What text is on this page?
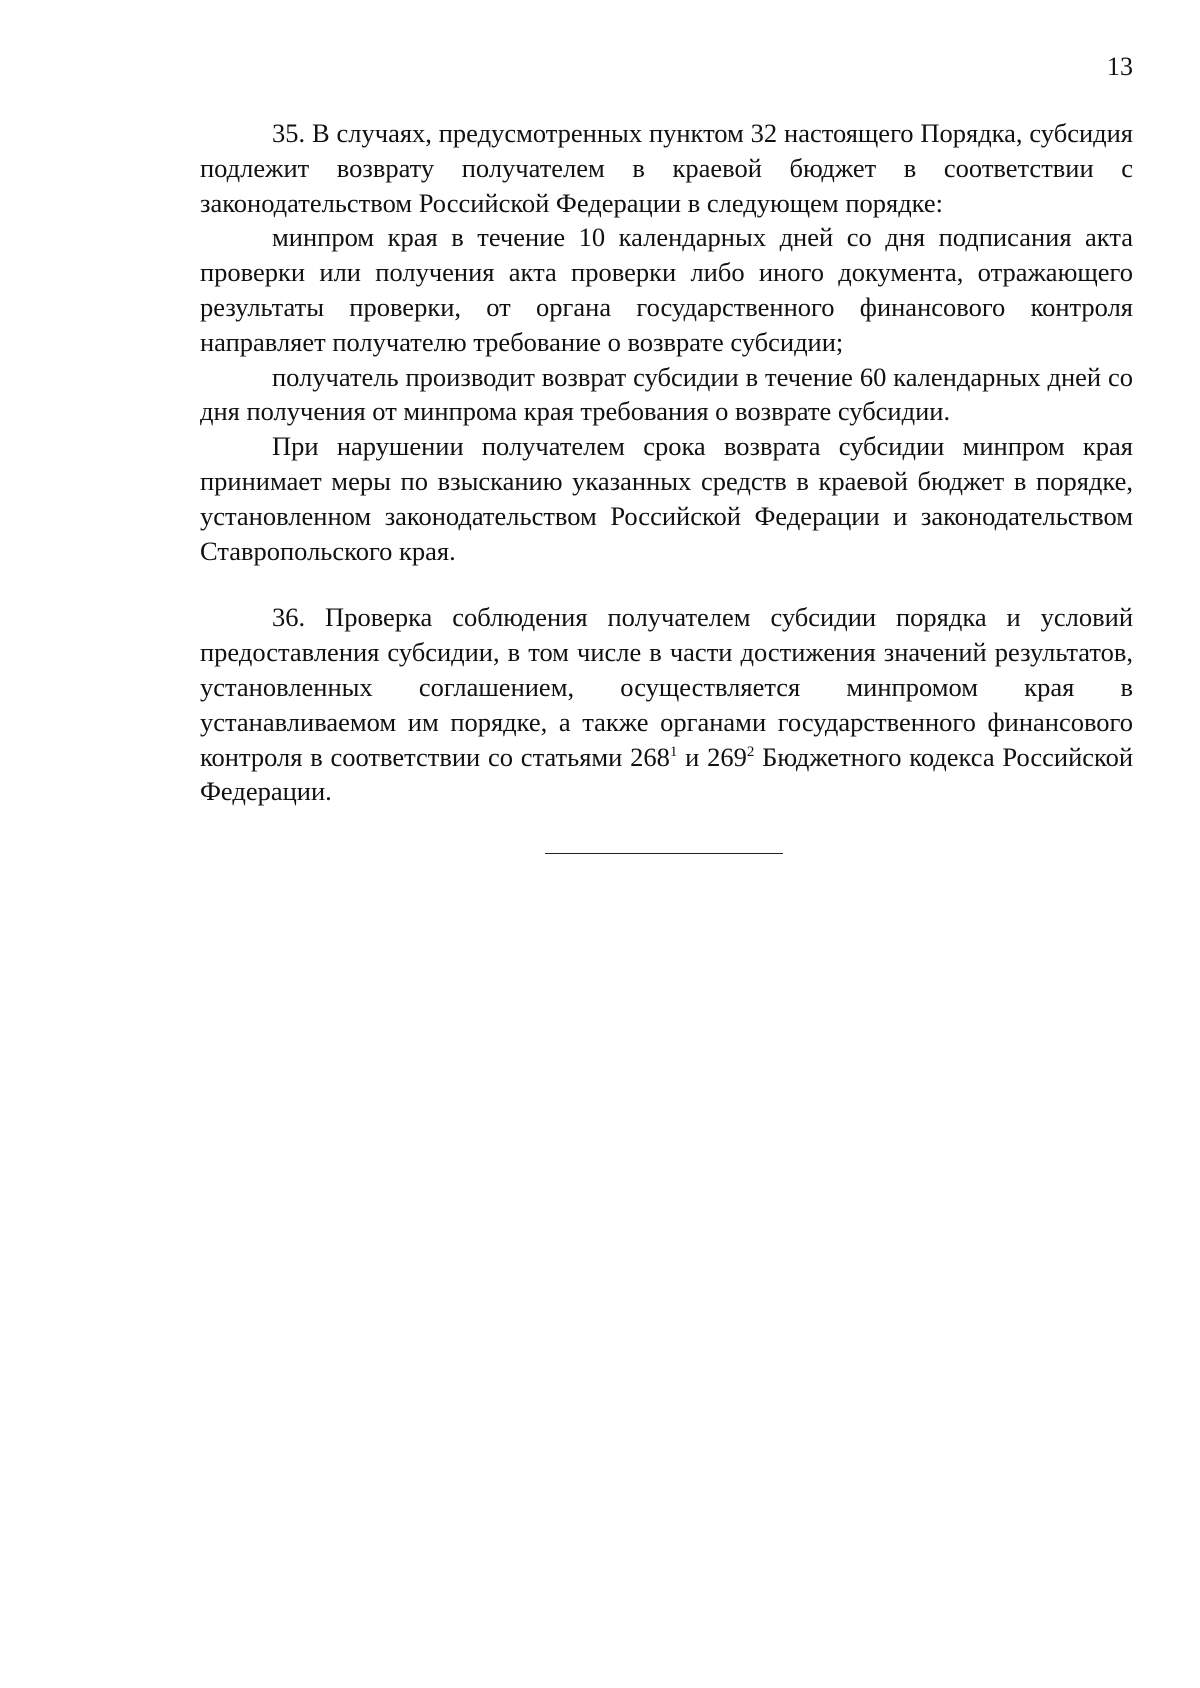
13

35. В случаях, предусмотренных пунктом 32 настоящего Порядка, субсидия подлежит возврату получателем в краевой бюджет в соответствии с законодательством Российской Федерации в следующем порядке:

минпром края в течение 10 календарных дней со дня подписания акта проверки или получения акта проверки либо иного документа, отражающего результаты проверки, от органа государственного финансового контроля направляет получателю требование о возврате субсидии;

получатель производит возврат субсидии в течение 60 календарных дней со дня получения от минпрома края требования о возврате субсидии.

При нарушении получателем срока возврата субсидии минпром края принимает меры по взысканию указанных средств в краевой бюджет в порядке, установленном законодательством Российской Федерации и законодательством Ставропольского края.

36. Проверка соблюдения получателем субсидии порядка и условий предоставления субсидии, в том числе в части достижения значений результатов, установленных соглашением, осуществляется минпромом края в устанавливаемом им порядке, а также органами государственного финансового контроля в соответствии со статьями $268^1$ и $269^2$ Бюджетного кодекса Российской Федерации.
